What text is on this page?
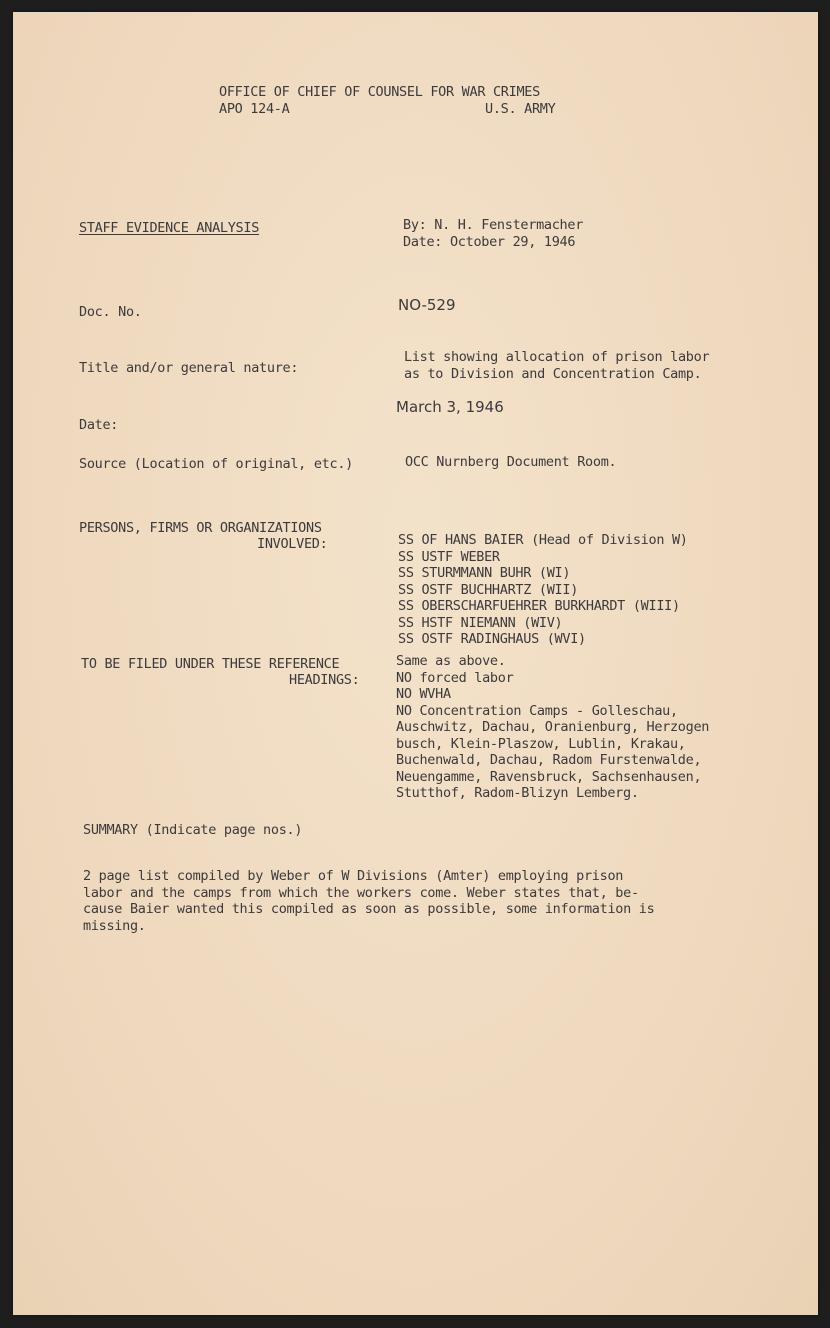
OFFICE OF CHIEF OF COUNSEL FOR WAR CRIMES
APO 124-A	U.S. ARMY
STAFF EVIDENCE ANALYSIS	By: N. H. Fenstermacher
Date: October 29, 1946
Doc. No.	NO-529
Title and/or general nature:
List showing allocation of prison labor
as to Division and Concentration Camp.
Date:
March 3, 1946
Source (Location of original, etc.)	OCC Nurnberg Document Room.
PERSONS, FIRMS OR ORGANIZATIONS
INVOLVED:	SS OF HANS BAIER (Head of Division W)
SS USTF WEBER
SS STURMMANN BUHR (WI)
SS OSTF BUCHHARTZ (WII)
SS OBERSCHARFUEHRER BURKHARDT (WIII)
SS HSTF NIEMANN (WIV)
SS OSTF RADINGHAUS (WVI)
TO BE FILED UNDER THESE REFERENCE
HEADINGS:
Same as above.
NO forced labor
NO WVHA
NO Concentration Camps - Golleschau,
Auschwitz, Dachau, Oranienburg, Herzogen
busch, Klein-Plaszow, Lublin, Krakau,
Buchenwald, Dachau, Radom Furstenwalde,
Neuengamme, Ravensbruck, Sachsenhausen,
Stutthof, Radom-Blizyn Lemberg.
SUMMARY (Indicate page nos.)
2 page list compiled by Weber of W Divisions (Amter) employing prison
labor and the camps from which the workers come. Weber states that, be-
cause Baier wanted this compiled as soon as possible, some information is
missing.
